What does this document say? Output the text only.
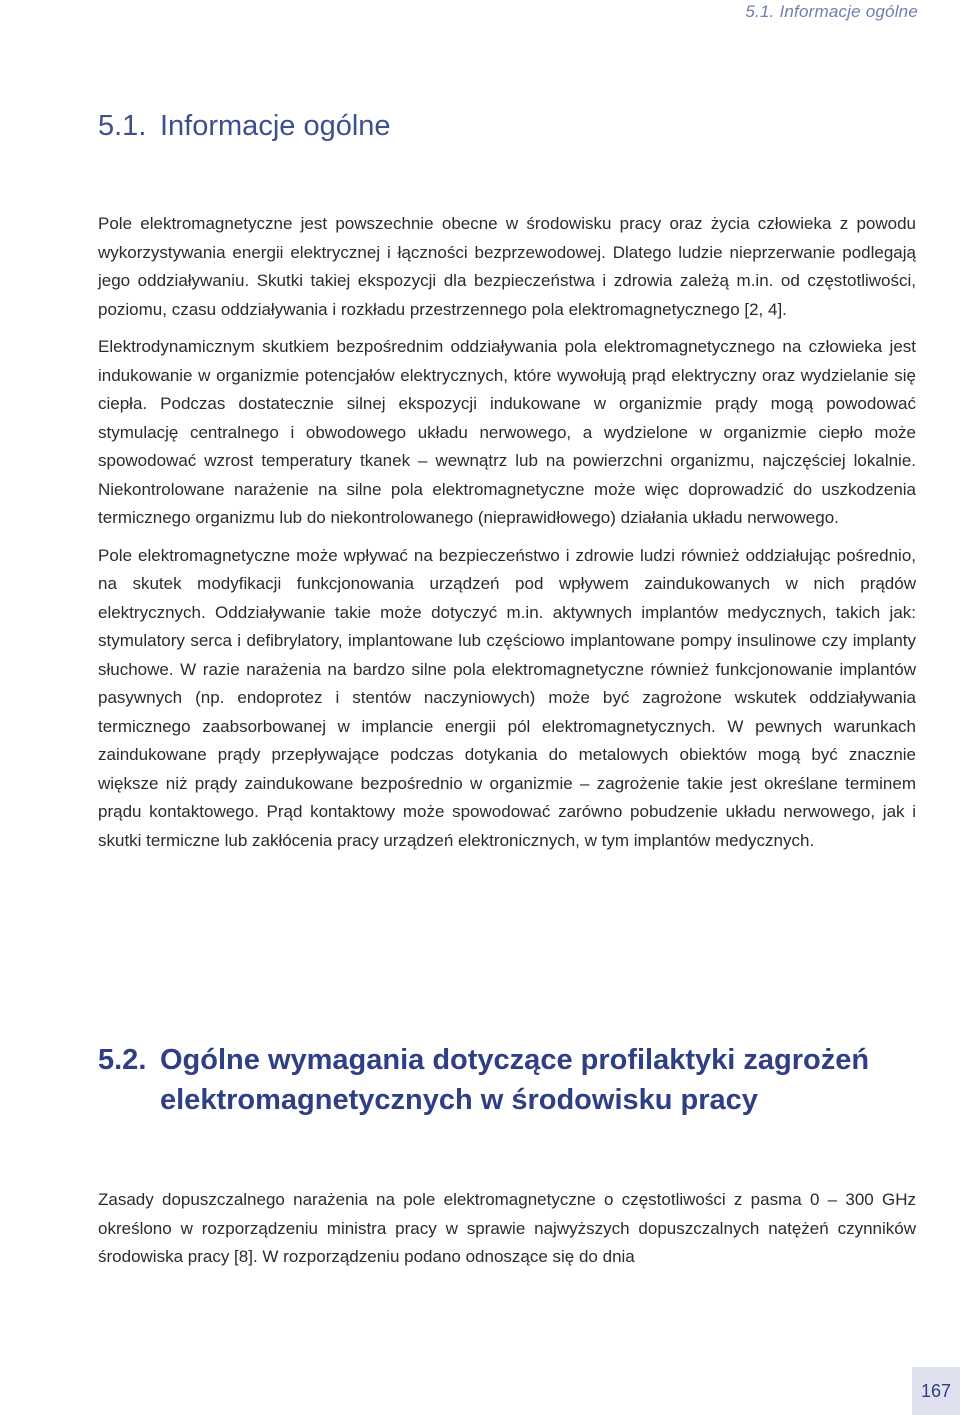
5.1. Informacje ogólne
5.1. Informacje ogólne

Pole elektromagnetyczne jest powszechnie obecne w środowisku pracy oraz życia człowieka z powodu wykorzystywania energii elektrycznej i łączności bezprzewodowej. Dlatego ludzie nieprzerwanie podlegają jego oddziaływaniu. Skutki takiej ekspozycji dla bezpieczeństwa i zdrowia zależą m.in. od częstotliwości, poziomu, czasu oddziaływania i rozkładu przestrzennego pola elektromagnetycznego [2, 4].

Elektrodynamicznym skutkiem bezpośrednim oddziaływania pola elektromagnetycznego na człowieka jest indukowanie w organizmie potencjałów elektrycznych, które wywołują prąd elektryczny oraz wydzielanie się ciepła. Podczas dostatecznie silnej ekspozycji indukowane w organizmie prądy mogą powodować stymulację centralnego i obwodowego układu nerwowego, a wydzielone w organizmie ciepło może spowodować wzrost temperatury tkanek – wewnątrz lub na powierzchni organizmu, najczęściej lokalnie. Niekontrolowane narażenie na silne pola elektromagnetyczne może więc doprowadzić do uszkodzenia termicznego organizmu lub do niekontrolowanego (nieprawidłowego) działania układu nerwowego.

Pole elektromagnetyczne może wpływać na bezpieczeństwo i zdrowie ludzi również oddziałując pośrednio, na skutek modyfikacji funkcjonowania urządzeń pod wpływem zaindukowanych w nich prądów elektrycznych. Oddziaływanie takie może dotyczyć m.in. aktywnych implantów medycznych, takich jak: stymulatory serca i defibrylatory, implantowane lub częściowo implantowane pompy insulinowe czy implanty słuchowe. W razie narażenia na bardzo silne pola elektromagnetyczne również funkcjonowanie implantów pasywnych (np. endoprotez i stentów naczyniowych) może być zagrożone wskutek oddziaływania termicznego zaabsorbowanej w implancie energii pól elektromagnetycznych. W pewnych warunkach zaindukowane prądy przepływające podczas dotykania do metalowych obiektów mogą być znacznie większe niż prądy zaindukowane bezpośrednio w organizmie – zagrożenie takie jest określane terminem prądu kontaktowego. Prąd kontaktowy może spowodować zarówno pobudzenie układu nerwowego, jak i skutki termiczne lub zakłócenia pracy urządzeń elektronicznych, w tym implantów medycznych.

5.2. Ogólne wymagania dotyczące profilaktyki zagrożeń elektromagnetycznych w środowisku pracy

Zasady dopuszczalnego narażenia na pole elektromagnetyczne o częstotliwości z pasma 0 – 300 GHz określono w rozporządzeniu ministra pracy w sprawie najwyższych dopuszczalnych natężeń czynników środowiska pracy [8]. W rozporządzeniu podano odnoszące się do dnia

167
